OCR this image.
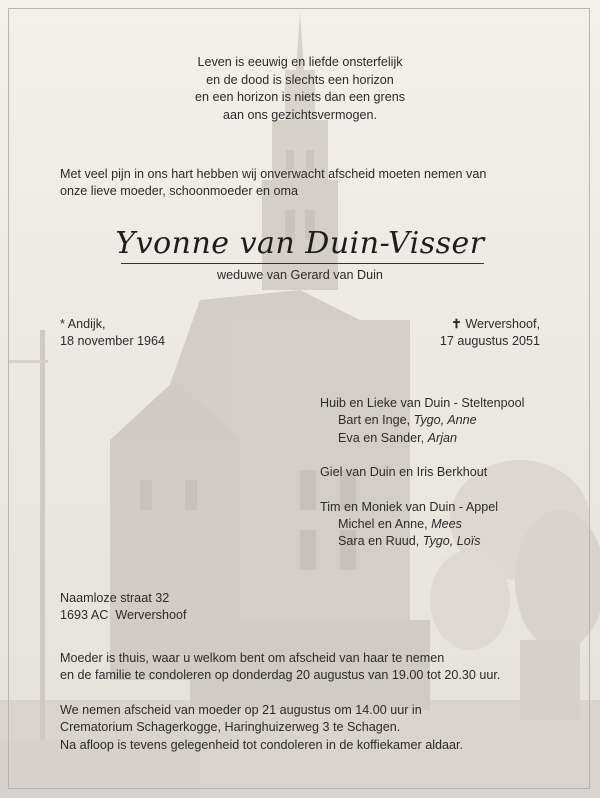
Leven is eeuwig en liefde onsterfelijk
en de dood is slechts een horizon
en een horizon is niets dan een grens
aan ons gezichtsvermogen.
Met veel pijn in ons hart hebben wij onverwacht afscheid moeten nemen van
onze lieve moeder, schoonmoeder en oma
Yvonne van Duin-Visser
weduwe van Gerard van Duin
* Andijk,
18 november 1964
✝ Wervershoof,
17 augustus 2051
Huib en Lieke van Duin - Steltenpool
Bart en Inge, Tygo, Anne
Eva en Sander, Arjan
Giel van Duin en Iris Berkhout
Tim en Moniek van Duin - Appel
Michel en Anne, Mees
Sara en Ruud, Tygo, Loïs
Naamloze straat 32
1693 AC  Wervershoof
Moeder is thuis, waar u welkom bent om afscheid van haar te nemen
en de familie te condoleren op donderdag 20 augustus van 19.00 tot 20.30 uur.
We nemen afscheid van moeder op 21 augustus om 14.00 uur in
Crematorium Schagerkogge, Haringhuizerweg 3 te Schagen.
Na afloop is tevens gelegenheid tot condoleren in de koffiekamer aldaar.
